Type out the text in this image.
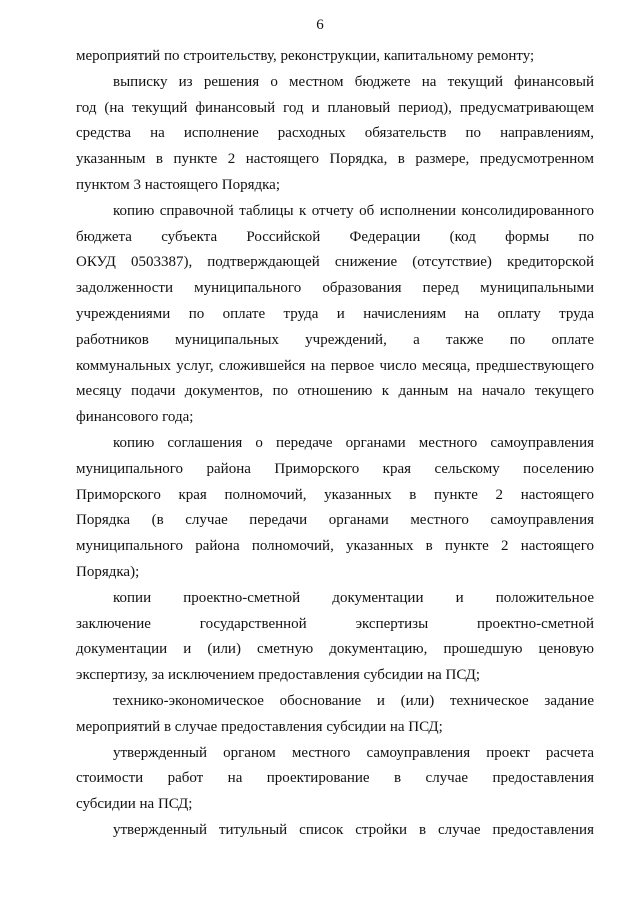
6
мероприятий по строительству, реконструкции, капитальному ремонту;
выписку из решения о местном бюджете на текущий финансовый
год (на текущий финансовый год и плановый период), предусматривающем
средства на исполнение расходных обязательств по направлениям,
указанным в пункте 2 настоящего Порядка, в размере, предусмотренном
пунктом 3 настоящего Порядка;
копию справочной таблицы к отчету об исполнении консолидированного
бюджета субъекта Российской Федерации (код формы по
ОКУД 0503387), подтверждающей снижение (отсутствие) кредиторской
задолженности муниципального образования перед муниципальными
учреждениями по оплате труда и начислениям на оплату труда
работников муниципальных учреждений, а также по оплате
коммунальных услуг, сложившейся на первое число месяца, предшествующего
месяцу подачи документов, по отношению к данным на начало текущего
финансового года;
копию соглашения о передаче органами местного самоуправления
муниципального района Приморского края сельскому поселению
Приморского края полномочий, указанных в пункте 2 настоящего
Порядка (в случае передачи органами местного самоуправления
муниципального района полномочий, указанных в пункте 2 настоящего
Порядка);
копии проектно-сметной документации и положительное
заключение государственной экспертизы проектно-сметной
документации и (или) сметную документацию, прошедшую ценовую
экспертизу, за исключением предоставления субсидии на ПСД;
технико-экономическое обоснование и (или) техническое задание
мероприятий в случае предоставления субсидии на ПСД;
утвержденный органом местного самоуправления проект расчета
стоимости работ на проектирование в случае предоставления
субсидии на ПСД;
утвержденный титульный список стройки в случае предоставления
